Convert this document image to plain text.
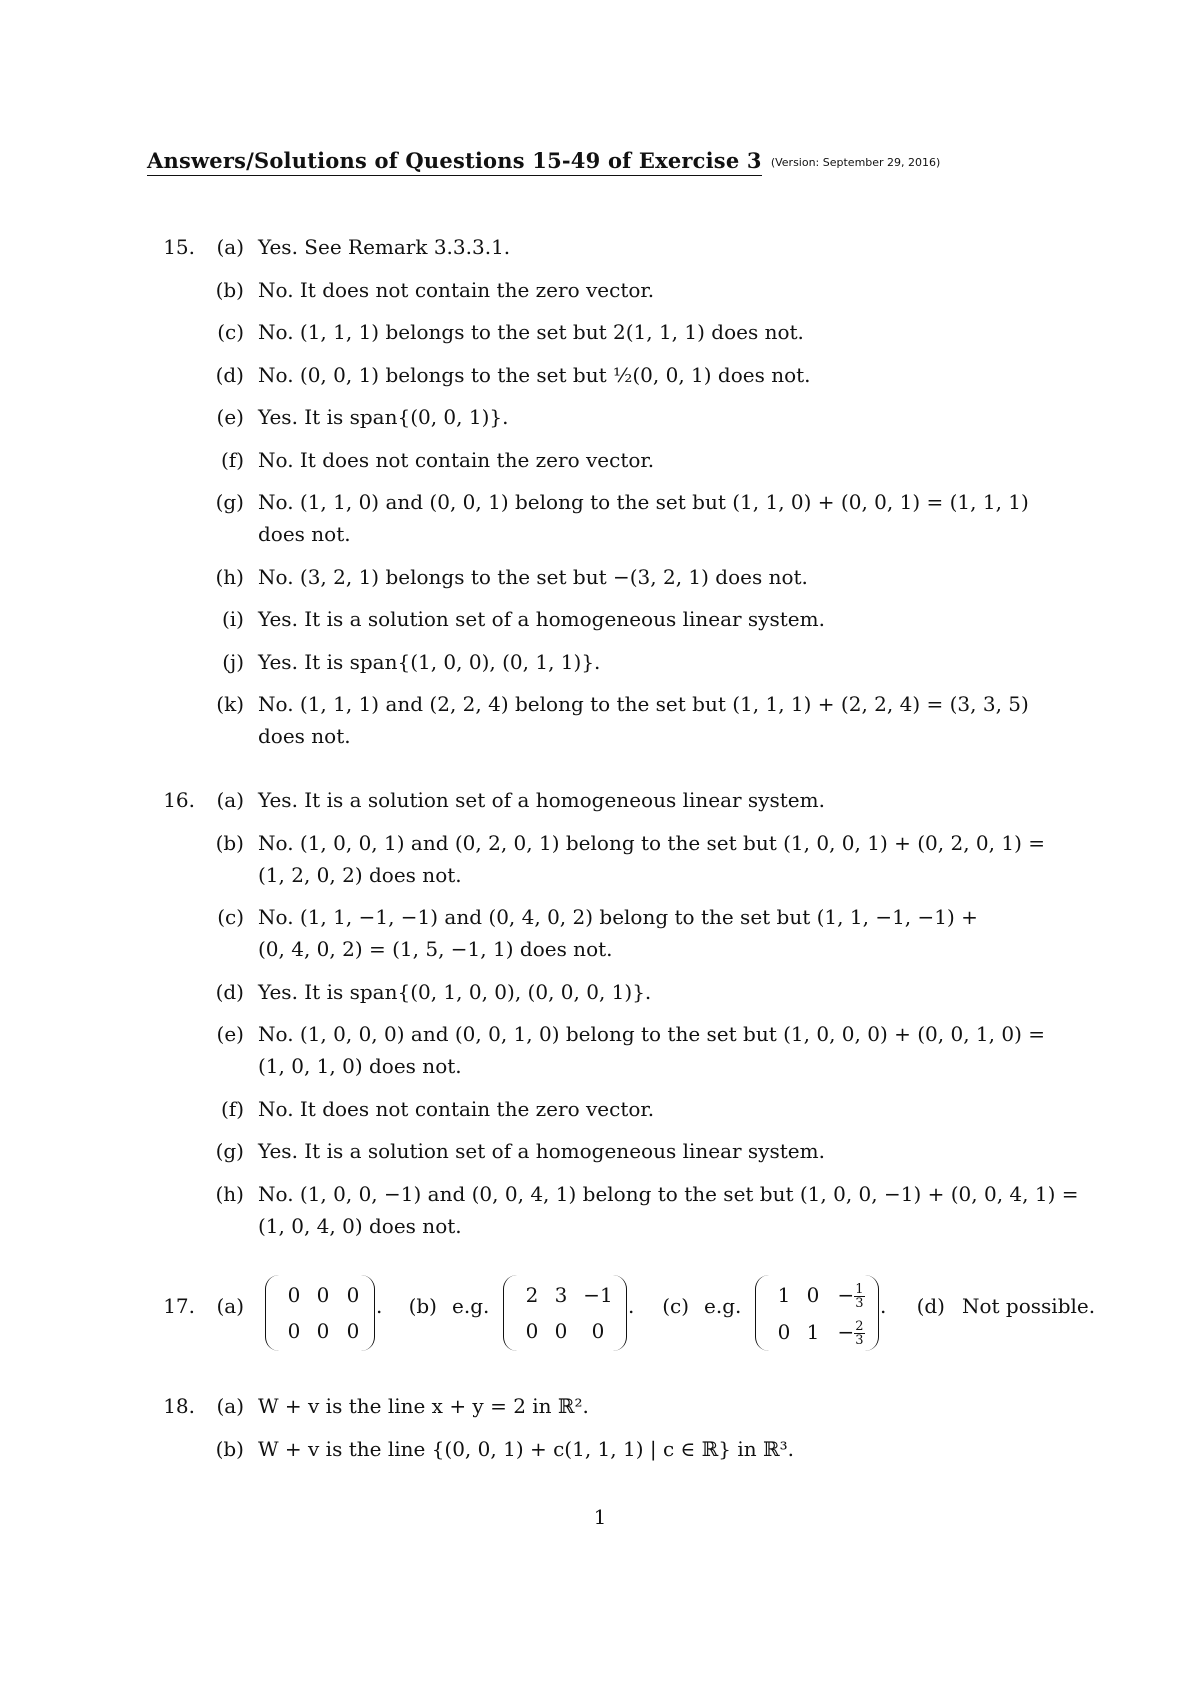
Answers/Solutions of Questions 15-49 of Exercise 3 (Version: September 29, 2016)
15.	(a) Yes. See Remark 3.3.3.1.
(b) No. It does not contain the zero vector.
(c) No. (1, 1, 1) belongs to the set but 2(1, 1, 1) does not.
(d) No. (0, 0, 1) belongs to the set but ½(0, 0, 1) does not.
(e) Yes. It is span{(0, 0, 1)}.
(f) No. It does not contain the zero vector.
(g) No. (1, 1, 0) and (0, 0, 1) belong to the set but (1, 1, 0) + (0, 0, 1) = (1, 1, 1)
does not.
(h) No. (3, 2, 1) belongs to the set but −(3, 2, 1) does not.
(i) Yes. It is a solution set of a homogeneous linear system.
(j) Yes. It is span{(1, 0, 0), (0, 1, 1)}.
(k) No. (1, 1, 1) and (2, 2, 4) belong to the set but (1, 1, 1) + (2, 2, 4) = (3, 3, 5)
does not.
16.	(a) Yes. It is a solution set of a homogeneous linear system.
(b) No. (1, 0, 0, 1) and (0, 2, 0, 1) belong to the set but (1, 0, 0, 1) + (0, 2, 0, 1) =
(1, 2, 0, 2) does not.
(c) No. (1, 1, −1, −1) and (0, 4, 0, 2) belong to the set but (1, 1, −1, −1) +
(0, 4, 0, 2) = (1, 5, −1, 1) does not.
(d) Yes. It is span{(0, 1, 0, 0), (0, 0, 0, 1)}.
(e) No. (1, 0, 0, 0) and (0, 0, 1, 0) belong to the set but (1, 0, 0, 0) + (0, 0, 1, 0) =
(1, 0, 1, 0) does not.
(f) No. It does not contain the zero vector.
(g) Yes. It is a solution set of a homogeneous linear system.
(h) No. (1, 0, 0, −1) and (0, 0, 4, 1) belong to the set but (1, 0, 0, −1) + (0, 0, 4, 1) =
(1, 0, 4, 0) does not.
18.	(a) W + v is the line x + y = 2 in ℝ².
(b) W + v is the line {(0, 0, 1) + c(1, 1, 1) | c ∈ ℝ} in ℝ³.
17.	(a)	0 0 0
0 0 0
. (b) e.g.	2 3 −1
0 0	0
.	(c) e.g.	1 $0 - \frac{1}{3}$
0 $1 - \frac{2}{3}$
. (d) Not possible.
1
